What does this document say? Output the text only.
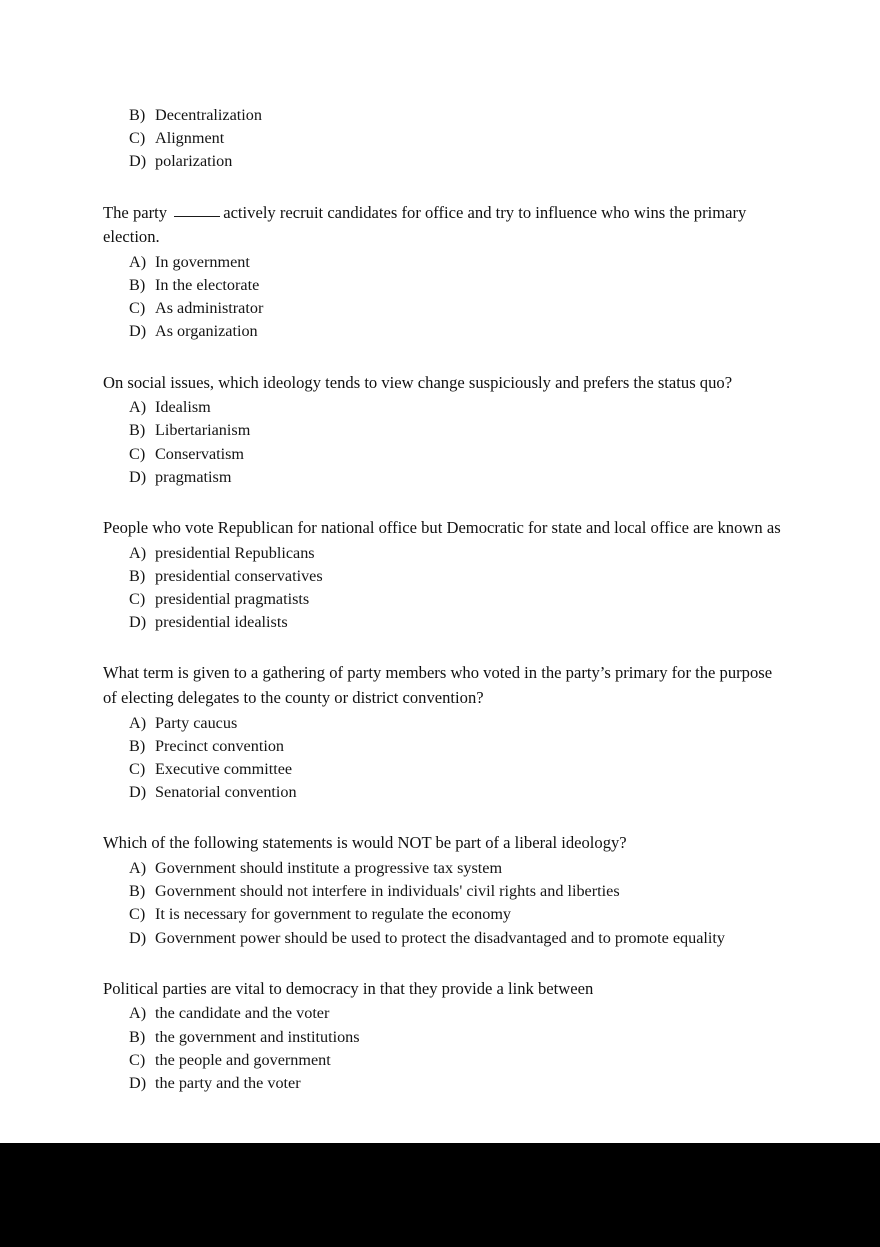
B) Decentralization
C) Alignment
D) polarization

The party	actively recruit candidates for office and try to influence who wins the primary election.

A) In government
B) In the electorate
C) As administrator
D) As organization

On social issues, which ideology tends to view change suspiciously and prefers the status quo?

A) Idealism
B) Libertarianism
C) Conservatism
D) pragmatism

People who vote Republican for national office but Democratic for state and local office are known as

A) presidential Republicans
B) presidential conservatives
C) presidential pragmatists
D) presidential idealists

What term is given to a gathering of party members who voted in the party’s primary for the purpose of electing delegates to the county or district convention?

A) Party caucus
B) Precinct convention
C) Executive committee
D) Senatorial convention

Which of the following statements is would NOT be part of a liberal ideology?

A) Government should institute a progressive tax system
B) Government should not interfere in individuals' civil rights and liberties
C) It is necessary for government to regulate the economy
D) Government power should be used to protect the disadvantaged and to promote equality

Political parties are vital to democracy in that they provide a link between

A) the candidate and the voter
B) the government and institutions
C) the people and government
D) the party and the voter
